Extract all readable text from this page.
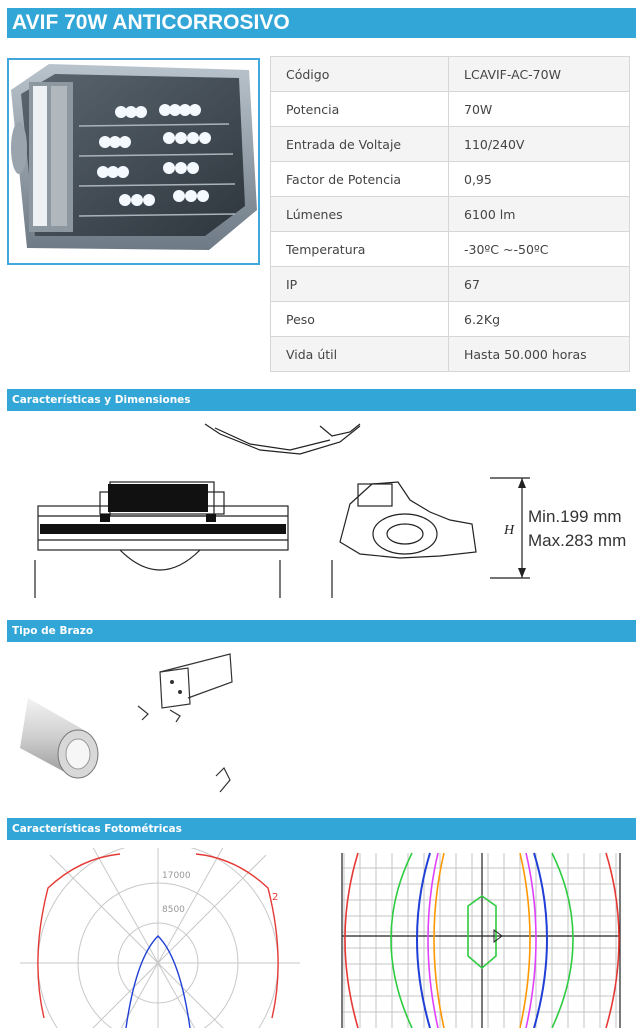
AVIF 70W ANTICORROSIVO
Código	LCAVIF-AC-70W
Potencia	70W
Entrada de Voltaje	110/240V
Factor de Potencia	0,95
Lúmenes	6100 lm
Temperatura	-30ºC ~-50ºC
IP	67
Peso	6.2Kg
Vida útil	Hasta 50.000 horas
Características y Dimensiones
H
Min.199 mm
Max.283 mm
Tipo de Brazo
Características Fotométricas
17000
8500
2
